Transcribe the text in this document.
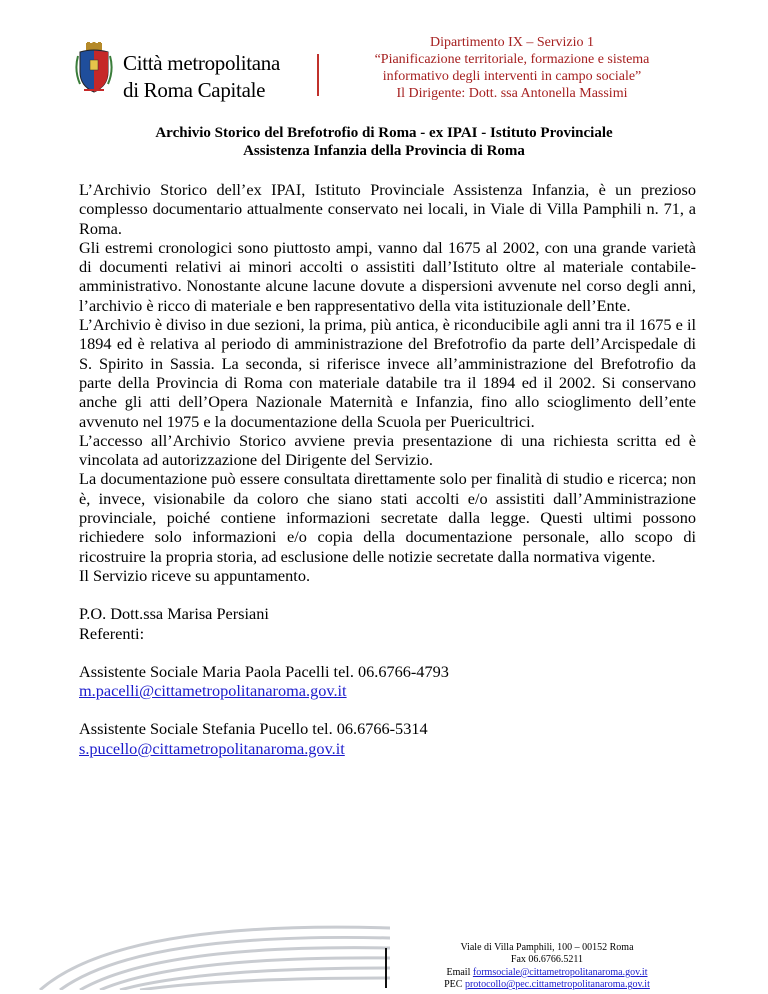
Città metropolitana
di Roma Capitale
Dipartimento IX – Servizio 1
“Pianificazione territoriale, formazione e sistema
informativo degli interventi in campo sociale”
Il Dirigente: Dott. ssa Antonella Massimi
Archivio Storico del Brefotrofio di Roma - ex IPAI - Istituto Provinciale
Assistenza Infanzia della Provincia di Roma

L’Archivio Storico dell’ex IPAI, Istituto Provinciale Assistenza Infanzia, è un prezioso complesso documentario attualmente conservato nei locali, in Viale di Villa Pamphili n. 71, a Roma.

Gli estremi cronologici sono piuttosto ampi, vanno dal 1675 al 2002, con una grande varietà di documenti relativi ai minori accolti o assistiti dall’Istituto oltre al materiale contabile-amministrativo. Nonostante alcune lacune dovute a dispersioni avvenute nel corso degli anni, l’archivio è ricco di materiale e ben rappresentativo della vita istituzionale dell’Ente.

L’Archivio è diviso in due sezioni, la prima, più antica, è riconducibile agli anni tra il 1675 e il 1894 ed è relativa al periodo di amministrazione del Brefotrofio da parte dell’Arcispedale di S. Spirito in Sassia. La seconda, si riferisce invece all’amministrazione del Brefotrofio da parte della Provincia di Roma con materiale databile tra il 1894 ed il 2002. Si conservano anche gli atti dell’Opera Nazionale Maternità e Infanzia, fino allo scioglimento dell’ente avvenuto nel 1975 e la documentazione della Scuola per Puericultrici.

L’accesso all’Archivio Storico avviene previa presentazione di una richiesta scritta ed è vincolata ad autorizzazione del Dirigente del Servizio.

La documentazione può essere consultata direttamente solo per finalità di studio e ricerca; non è, invece, visionabile da coloro che siano stati accolti e/o assistiti dall’Amministrazione provinciale, poiché contiene informazioni secretate dalla legge. Questi ultimi possono richiedere solo informazioni e/o copia della documentazione personale, allo scopo di ricostruire la propria storia, ad esclusione delle notizie secretate dalla normativa vigente.

Il Servizio riceve su appuntamento.

P.O. Dott.ssa Marisa Persiani

Referenti:

Assistente Sociale Maria Paola Pacelli tel. 06.6766-4793

m.pacelli@cittametropolitanaroma.gov.it

Assistente Sociale Stefania Pucello tel. 06.6766-5314

s.pucello@cittametropolitanaroma.gov.it

Viale di Villa Pamphili, 100 – 00152 Roma
Fax 06.6766.5211
Email formsociale@cittametropolitanaroma.gov.it
PEC protocollo@pec.cittametropolitanaroma.gov.it
